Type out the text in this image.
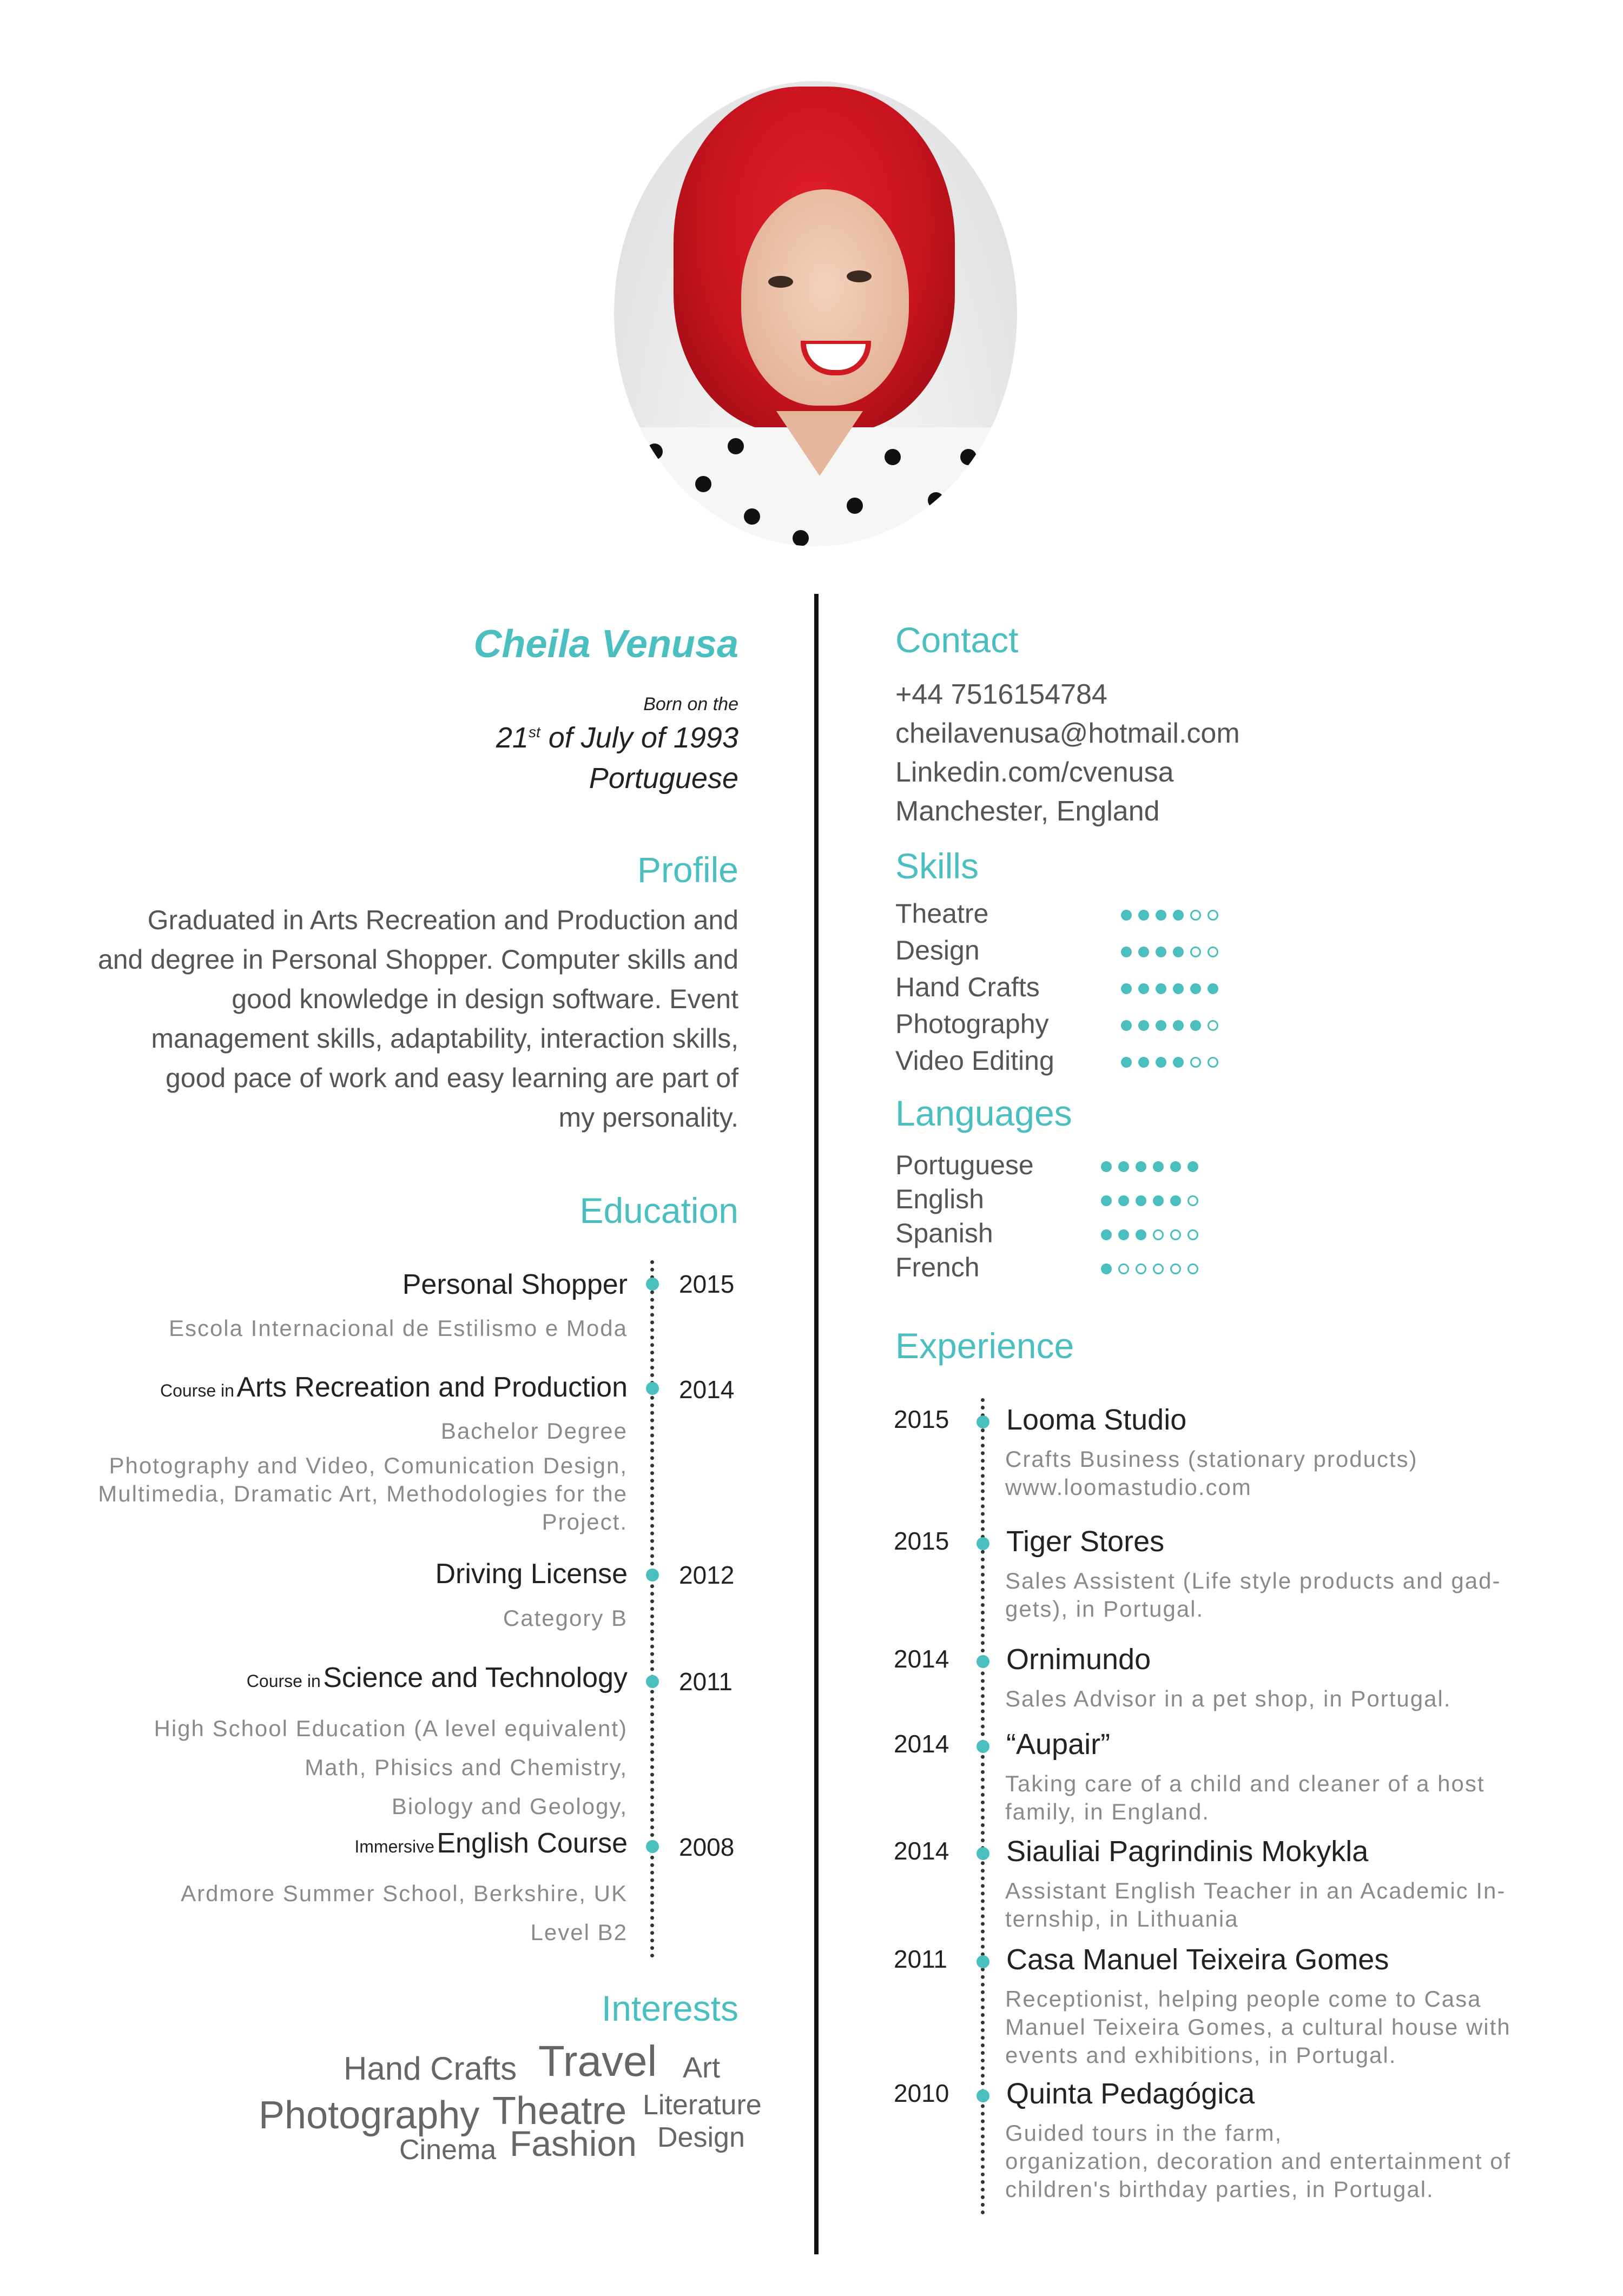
Cheila Venusa
Born on the
21st of July of 1993
Portuguese
Profile
Graduated in Arts Recreation and Production and
and degree in Personal Shopper. Computer skills and
good knowledge in design software. Event
management skills, adaptability, interaction skills,
good pace of work and easy learning are part of
my personality.
Education
Personal Shopper 2015
Escola Internacional de Estilismo e Moda
Course in Arts Recreation and Production 2014
Bachelor Degree
Photography and Video, Comunication Design,
Multimedia, Dramatic Art, Methodologies for the
Project.
Driving License 2012
Category B
Course in Science and Technology 2011
High School Education (A level equivalent)
Math, Phisics and Chemistry,
Biology and Geology,
Immersive English Course 2008
Ardmore Summer School, Berkshire, UK
Level B2
Interests
Hand Crafts Travel Art
Photography Theatre Literature
Design
Cinema Fashion
Contact
+44 7516154784
cheilavenusa@hotmail.com
Linkedin.com/cvenusa
Manchester, England
Skills
Theatre
Design
Hand Crafts
Photography
Video Editing
Languages
Portuguese
English
Spanish
French
Experience
2015 Looma Studio
Crafts Business (stationary products)
www.loomastudio.com
2015 Tiger Stores
Sales Assistent (Life style products and gad-
gets), in Portugal.
2014 Ornimundo
Sales Advisor in a pet shop, in Portugal.
2014 “Aupair”
Taking care of a child and cleaner of a host
family, in England.
2014 Siauliai Pagrindinis Mokykla
Assistant English Teacher in an Academic In-
ternship, in Lithuania
2011 Casa Manuel Teixeira Gomes
Receptionist, helping people come to Casa
Manuel Teixeira Gomes, a cultural house with
events and exhibitions, in Portugal.
2010 Quinta Pedagógica
Guided tours in the farm,
organization, decoration and entertainment of
children's birthday parties, in Portugal.
